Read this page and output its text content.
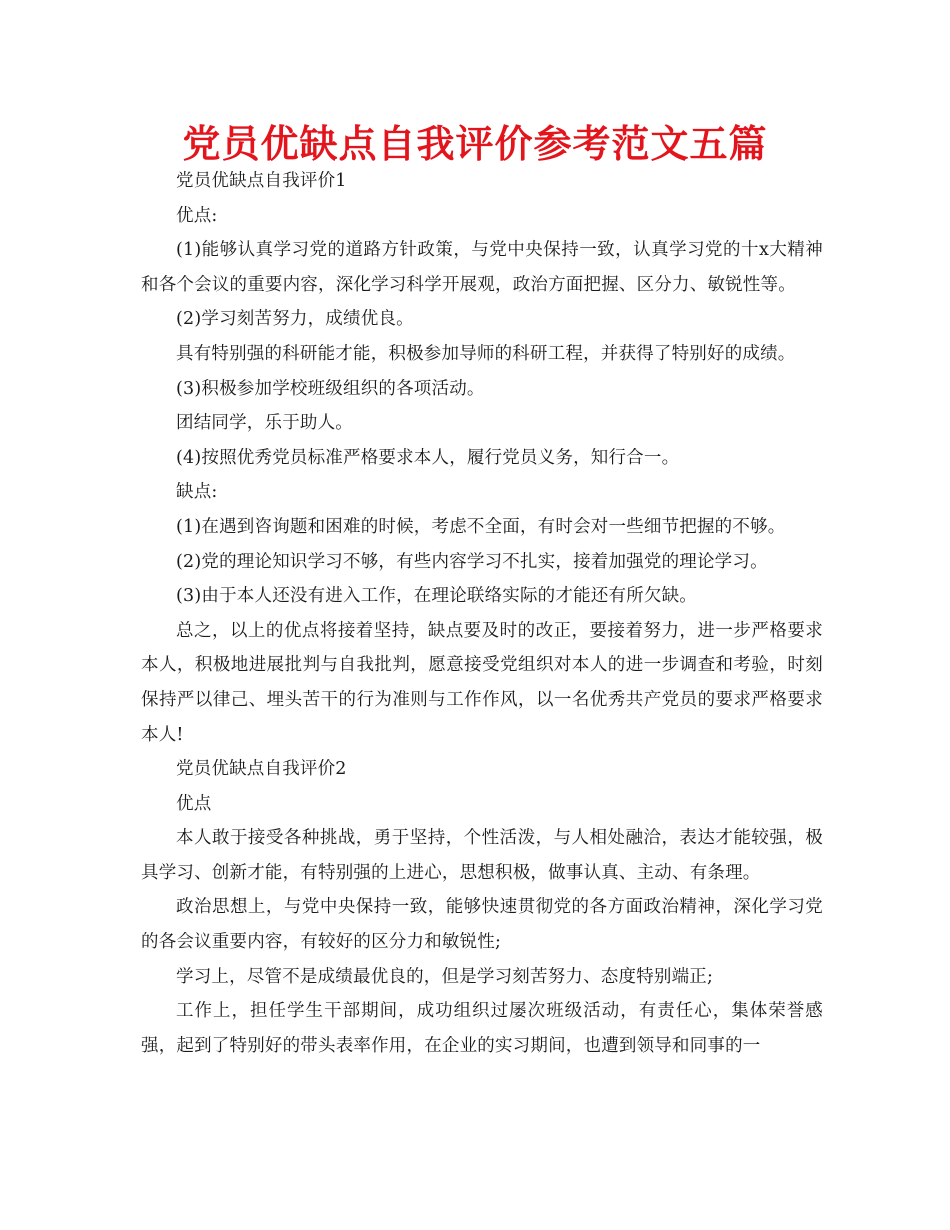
党员优缺点自我评价参考范文五篇

党员优缺点自我评价1

优点:

(1)能够认真学习党的道路方针政策，与党中央保持一致，认真学习党的十x大精神和各个会议的重要内容，深化学习科学开展观，政治方面把握、区分力、敏锐性等。

(2)学习刻苦努力，成绩优良。

具有特别强的科研能才能，积极参加导师的科研工程，并获得了特别好的成绩。

(3)积极参加学校班级组织的各项活动。

团结同学，乐于助人。

(4)按照优秀党员标准严格要求本人，履行党员义务，知行合一。

缺点:

(1)在遇到咨询题和困难的时候，考虑不全面，有时会对一些细节把握的不够。

(2)党的理论知识学习不够，有些内容学习不扎实，接着加强党的理论学习。

(3)由于本人还没有进入工作，在理论联络实际的才能还有所欠缺。

总之，以上的优点将接着坚持，缺点要及时的改正，要接着努力，进一步严格要求本人，积极地进展批判与自我批判，愿意接受党组织对本人的进一步调查和考验，时刻保持严以律己、埋头苦干的行为准则与工作作风，以一名优秀共产党员的要求严格要求本人!

党员优缺点自我评价2

优点

本人敢于接受各种挑战，勇于坚持，个性活泼，与人相处融洽，表达才能较强，极具学习、创新才能，有特别强的上进心，思想积极，做事认真、主动、有条理。

政治思想上，与党中央保持一致，能够快速贯彻党的各方面政治精神，深化学习党的各会议重要内容，有较好的区分力和敏锐性;

学习上，尽管不是成绩最优良的，但是学习刻苦努力、态度特别端正;

工作上，担任学生干部期间，成功组织过屡次班级活动，有责任心，集体荣誉感强，起到了特别好的带头表率作用，在企业的实习期间，也遭到领导和同事的一
